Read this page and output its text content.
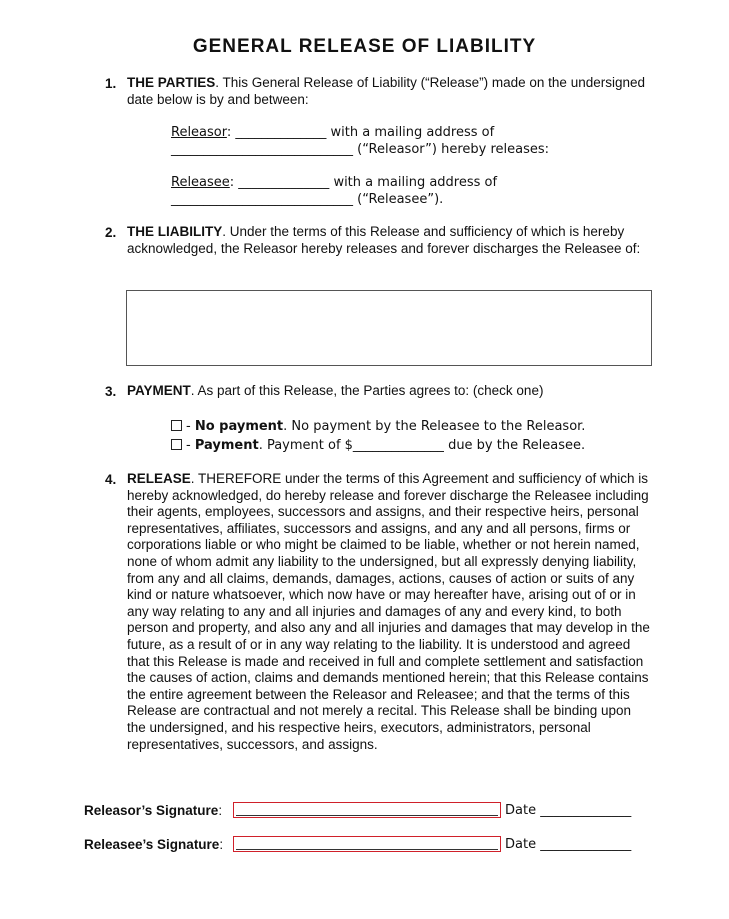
GENERAL RELEASE OF LIABILITY
1. THE PARTIES. This General Release of Liability (“Release”) made on the undersigned date below is by and between:
Releasor: ______________ with a mailing address of
____________________________ (“Releasor”) hereby releases:
Releasee: ______________ with a mailing address of
____________________________ (“Releasee”).
2. THE LIABILITY. Under the terms of this Release and sufficiency of which is hereby acknowledged, the Releasor hereby releases and forever discharges the Releasee of:
3. PAYMENT. As part of this Release, the Parties agrees to: (check one)
- No payment. No payment by the Releasee to the Releasor.
- Payment. Payment of $______________ due by the Releasee.
4. RELEASE. THEREFORE under the terms of this Agreement and sufficiency of which is hereby acknowledged, do hereby release and forever discharge the Releasee including their agents, employees, successors and assigns, and their respective heirs, personal representatives, affiliates, successors and assigns, and any and all persons, firms or corporations liable or who might be claimed to be liable, whether or not herein named, none of whom admit any liability to the undersigned, but all expressly denying liability, from any and all claims, demands, damages, actions, causes of action or suits of any kind or nature whatsoever, which now have or may hereafter have, arising out of or in any way relating to any and all injuries and damages of any and every kind, to both person and property, and also any and all injuries and damages that may develop in the future, as a result of or in any way relating to the liability. It is understood and agreed that this Release is made and received in full and complete settlement and satisfaction the causes of action, claims and demands mentioned herein; that this Release contains the entire agreement between the Releasor and Releasee; and that the terms of this Release are contractual and not merely a recital. This Release shall be binding upon the undersigned, and his respective heirs, executors, administrators, personal representatives, successors, and assigns.
Releasor’s Signature:	Date ______________
Releasee’s Signature:	Date ______________
